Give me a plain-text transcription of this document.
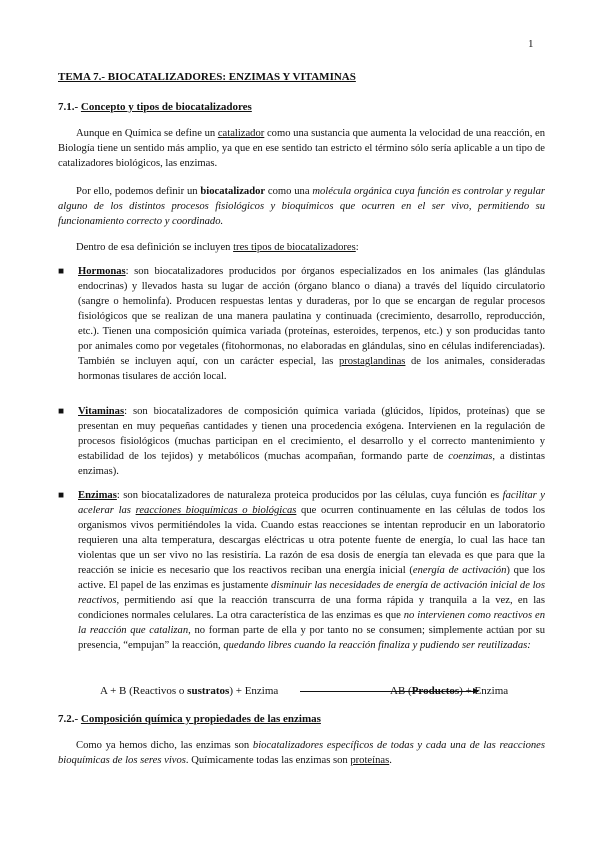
1
TEMA 7.- BIOCATALIZADORES: ENZIMAS Y VITAMINAS
7.1.- Concepto y tipos de biocatalizadores
Aunque en Química se define un catalizador como una sustancia que aumenta la velocidad de una reacción, en Biología tiene un sentido más amplio, ya que en ese sentido tan estricto el término sólo sería aplicable a un tipo de catalizadores biológicos, las enzimas.
Por ello, podemos definir un biocatalizador como una molécula orgánica cuya función es controlar y regular alguno de los distintos procesos fisiológicos y bioquímicos que ocurren en el ser vivo, permitiendo su funcionamiento correcto y coordinado.
Dentro de esa definición se incluyen tres tipos de biocatalizadores:
■ Hormonas: son biocatalizadores producidos por órganos especializados en los animales (las glándulas endocrinas) y llevados hasta su lugar de acción (órgano blanco o diana) a través del líquido circulatorio (sangre o hemolinfa). Producen respuestas lentas y duraderas, por lo que se encargan de regular procesos fisiológicos que se realizan de una manera paulatina y continuada (crecimiento, desarrollo, reproducción, etc.). Tienen una composición química variada (proteínas, esteroides, terpenos, etc.) y son producidas tanto por animales como por vegetales (fitohormonas, no elaboradas en glándulas, sino en células indiferenciadas). También se incluyen aquí, con un carácter especial, las prostaglandinas de los animales, consideradas hormonas tisulares de acción local.
■ Vitaminas: son biocatalizadores de composición química variada (glúcidos, lípidos, proteínas) que se presentan en muy pequeñas cantidades y tienen una procedencia exógena. Intervienen en la regulación de procesos fisiológicos (muchas participan en el crecimiento, el desarrollo y el correcto mantenimiento y estabilidad de los tejidos) y metabólicos (muchas acompañan, formando parte de coenzimas, a distintas enzimas).
■ Enzimas: son biocatalizadores de naturaleza proteica producidos por las células, cuya función es facilitar y acelerar las reacciones bioquímicas o biológicas que ocurren continuamente en las células de todos los organismos vivos permitiéndoles la vida. Cuando estas reacciones se intentan reproducir en un laboratorio requieren una alta temperatura, descargas eléctricas u otra potente fuente de energía, lo cual las hace tan violentas que un ser vivo no las resistiría. La razón de esa dosis de energía tan elevada es que para que la reacción se inicie es necesario que los reactivos reciban una energía inicial (energía de activación) que los active. El papel de las enzimas es justamente disminuir las necesidades de energía de activación inicial de los reactivos, permitiendo así que la reacción transcurra de una forma rápida y tranquila a la vez, en las condiciones normales celulares. La otra característica de las enzimas es que no intervienen como reactivos en la reacción que catalizan, no forman parte de ella y por tanto no se consumen; simplemente actúan por su presencia, “empujan” la reacción, quedando libres cuando la reacción finaliza y pudiendo ser reutilizadas:
A + B (Reactivos o sustratos) + Enzima	AB (Productos) + Enzima
7.2.- Composición química y propiedades de las enzimas
Como ya hemos dicho, las enzimas son biocatalizadores específicos de todas y cada una de las reacciones bioquímicas de los seres vivos. Químicamente todas las enzimas son proteínas.
